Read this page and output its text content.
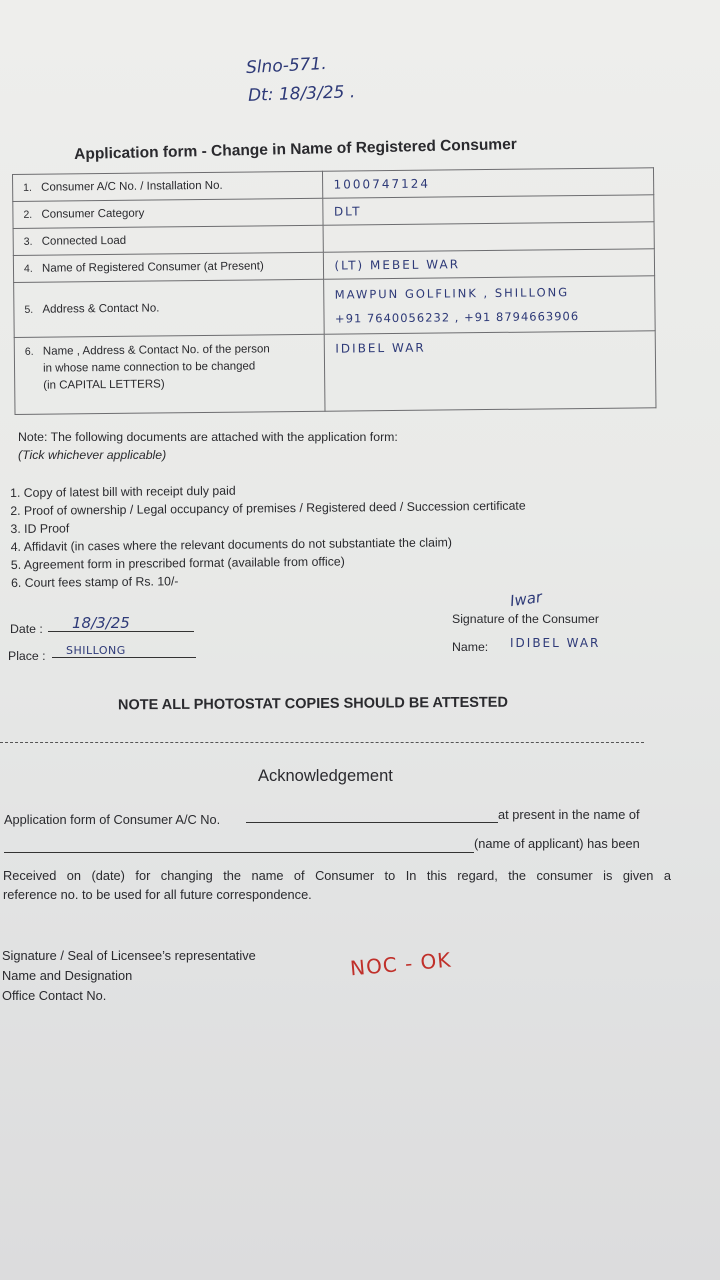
Slno-571.
Dt: 18/3/25 .
Application form - Change in Name of Registered Consumer
1. Consumer A/C No. / Installation No.	1000747124
2. Consumer Category	DLT
3. Connected Load	
4. Name of Registered Consumer (at Present)	(LT) MEBEL WAR
5. Address & Contact No.	MAWPUN GOLFLINK , SHILLONG
+91 7640056232 , +91 8794663906

6. Name , Address & Contact No. of the person
in whose name connection to be changed
(in CAPITAL LETTERS)	IDIBEL WAR
Note: The following documents are attached with the application form:
(Tick whichever applicable)
1. Copy of latest bill with receipt duly paid
2. Proof of ownership / Legal occupancy of premises / Registered deed / Succession certificate
3. ID Proof
4. Affidavit (in cases where the relevant documents do not substantiate the claim)
5. Agreement form in prescribed format (available from office)
6. Court fees stamp of Rs. 10/-
Date : 18/3/25
Place : SHILLONG
Iwar
Signature of the Consumer
Name: IDIBEL WAR
NOTE ALL PHOTOSTAT COPIES SHOULD BE ATTESTED
Acknowledgement
Application form of Consumer A/C No.	at present in the name of
(name of applicant) has been
Received on (date) for changing the name of Consumer to In this regard, the consumer is given a
reference no. to be used for all future correspondence.
Signature / Seal of Licensee’s representative
Name and Designation
Office Contact No.
NOC - OK
